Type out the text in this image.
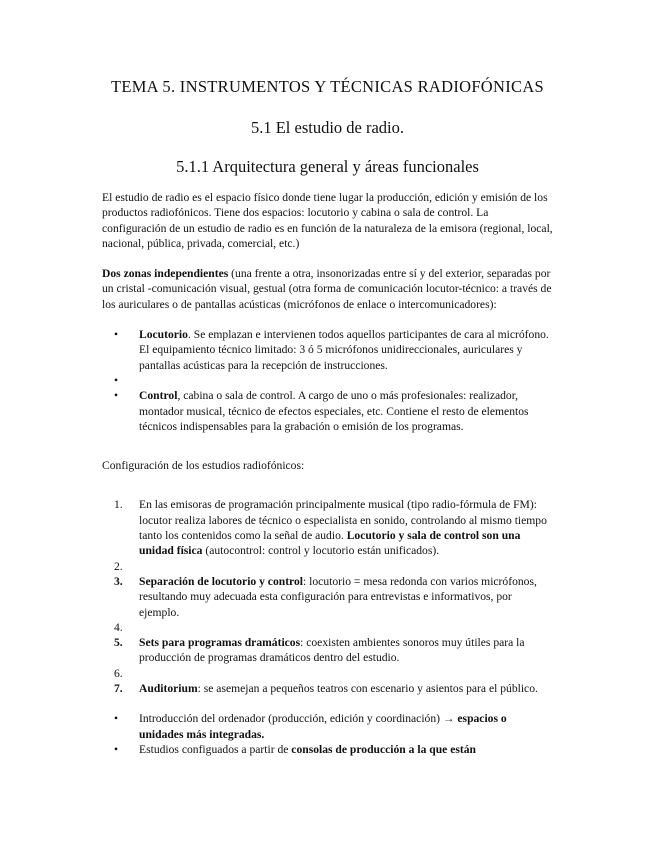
TEMA 5. INSTRUMENTOS Y TÉCNICAS RADIOFÓNICAS
5.1 El estudio de radio.
5.1.1 Arquitectura general y áreas funcionales

El estudio de radio es el espacio físico donde tiene lugar la producción, edición y emisión de los productos radiofónicos. Tiene dos espacios: locutorio y cabina o sala de control. La configuración de un estudio de radio es en función de la naturaleza de la emisora (regional, local, nacional, pública, privada, comercial, etc.)

Dos zonas independientes (una frente a otra, insonorizadas entre sí y del exterior, separadas por un cristal -comunicación visual, gestual (otra forma de comunicación locutor-técnico: a través de los auriculares o de pantallas acústicas (micrófonos de enlace o intercomunicadores):

• Locutorio. Se emplazan e intervienen todos aquellos participantes de cara al micrófono. El equipamiento técnico limitado: 3 ó 5 micrófonos unidireccionales, auriculares y pantallas acústicas para la recepción de instrucciones.
•
• Control, cabina o sala de control. A cargo de uno o más profesionales: realizador, montador musical, técnico de efectos especiales, etc. Contiene el resto de elementos técnicos indispensables para la grabación o emisión de los programas.

Configuración de los estudios radiofónicos:

1. En las emisoras de programación principalmente musical (tipo radio-fórmula de FM): locutor realiza labores de técnico o especialista en sonido, controlando al mismo tiempo tanto los contenidos como la señal de audio. Locutorio y sala de control son una unidad física (autocontrol: control y locutorio están unificados).
2.
3. Separación de locutorio y control: locutorio = mesa redonda con varios micrófonos, resultando muy adecuada esta configuración para entrevistas e informativos, por ejemplo.
4.
5. Sets para programas dramáticos: coexisten ambientes sonoros muy útiles para la producción de programas dramáticos dentro del estudio.
6.
7. Auditorium: se asemejan a pequeños teatros con escenario y asientos para el público.
• Introducción del ordenador (producción, edición y coordinación) → espacios o unidades más integradas.
• Estudios configuados a partir de consolas de producción a la que están
